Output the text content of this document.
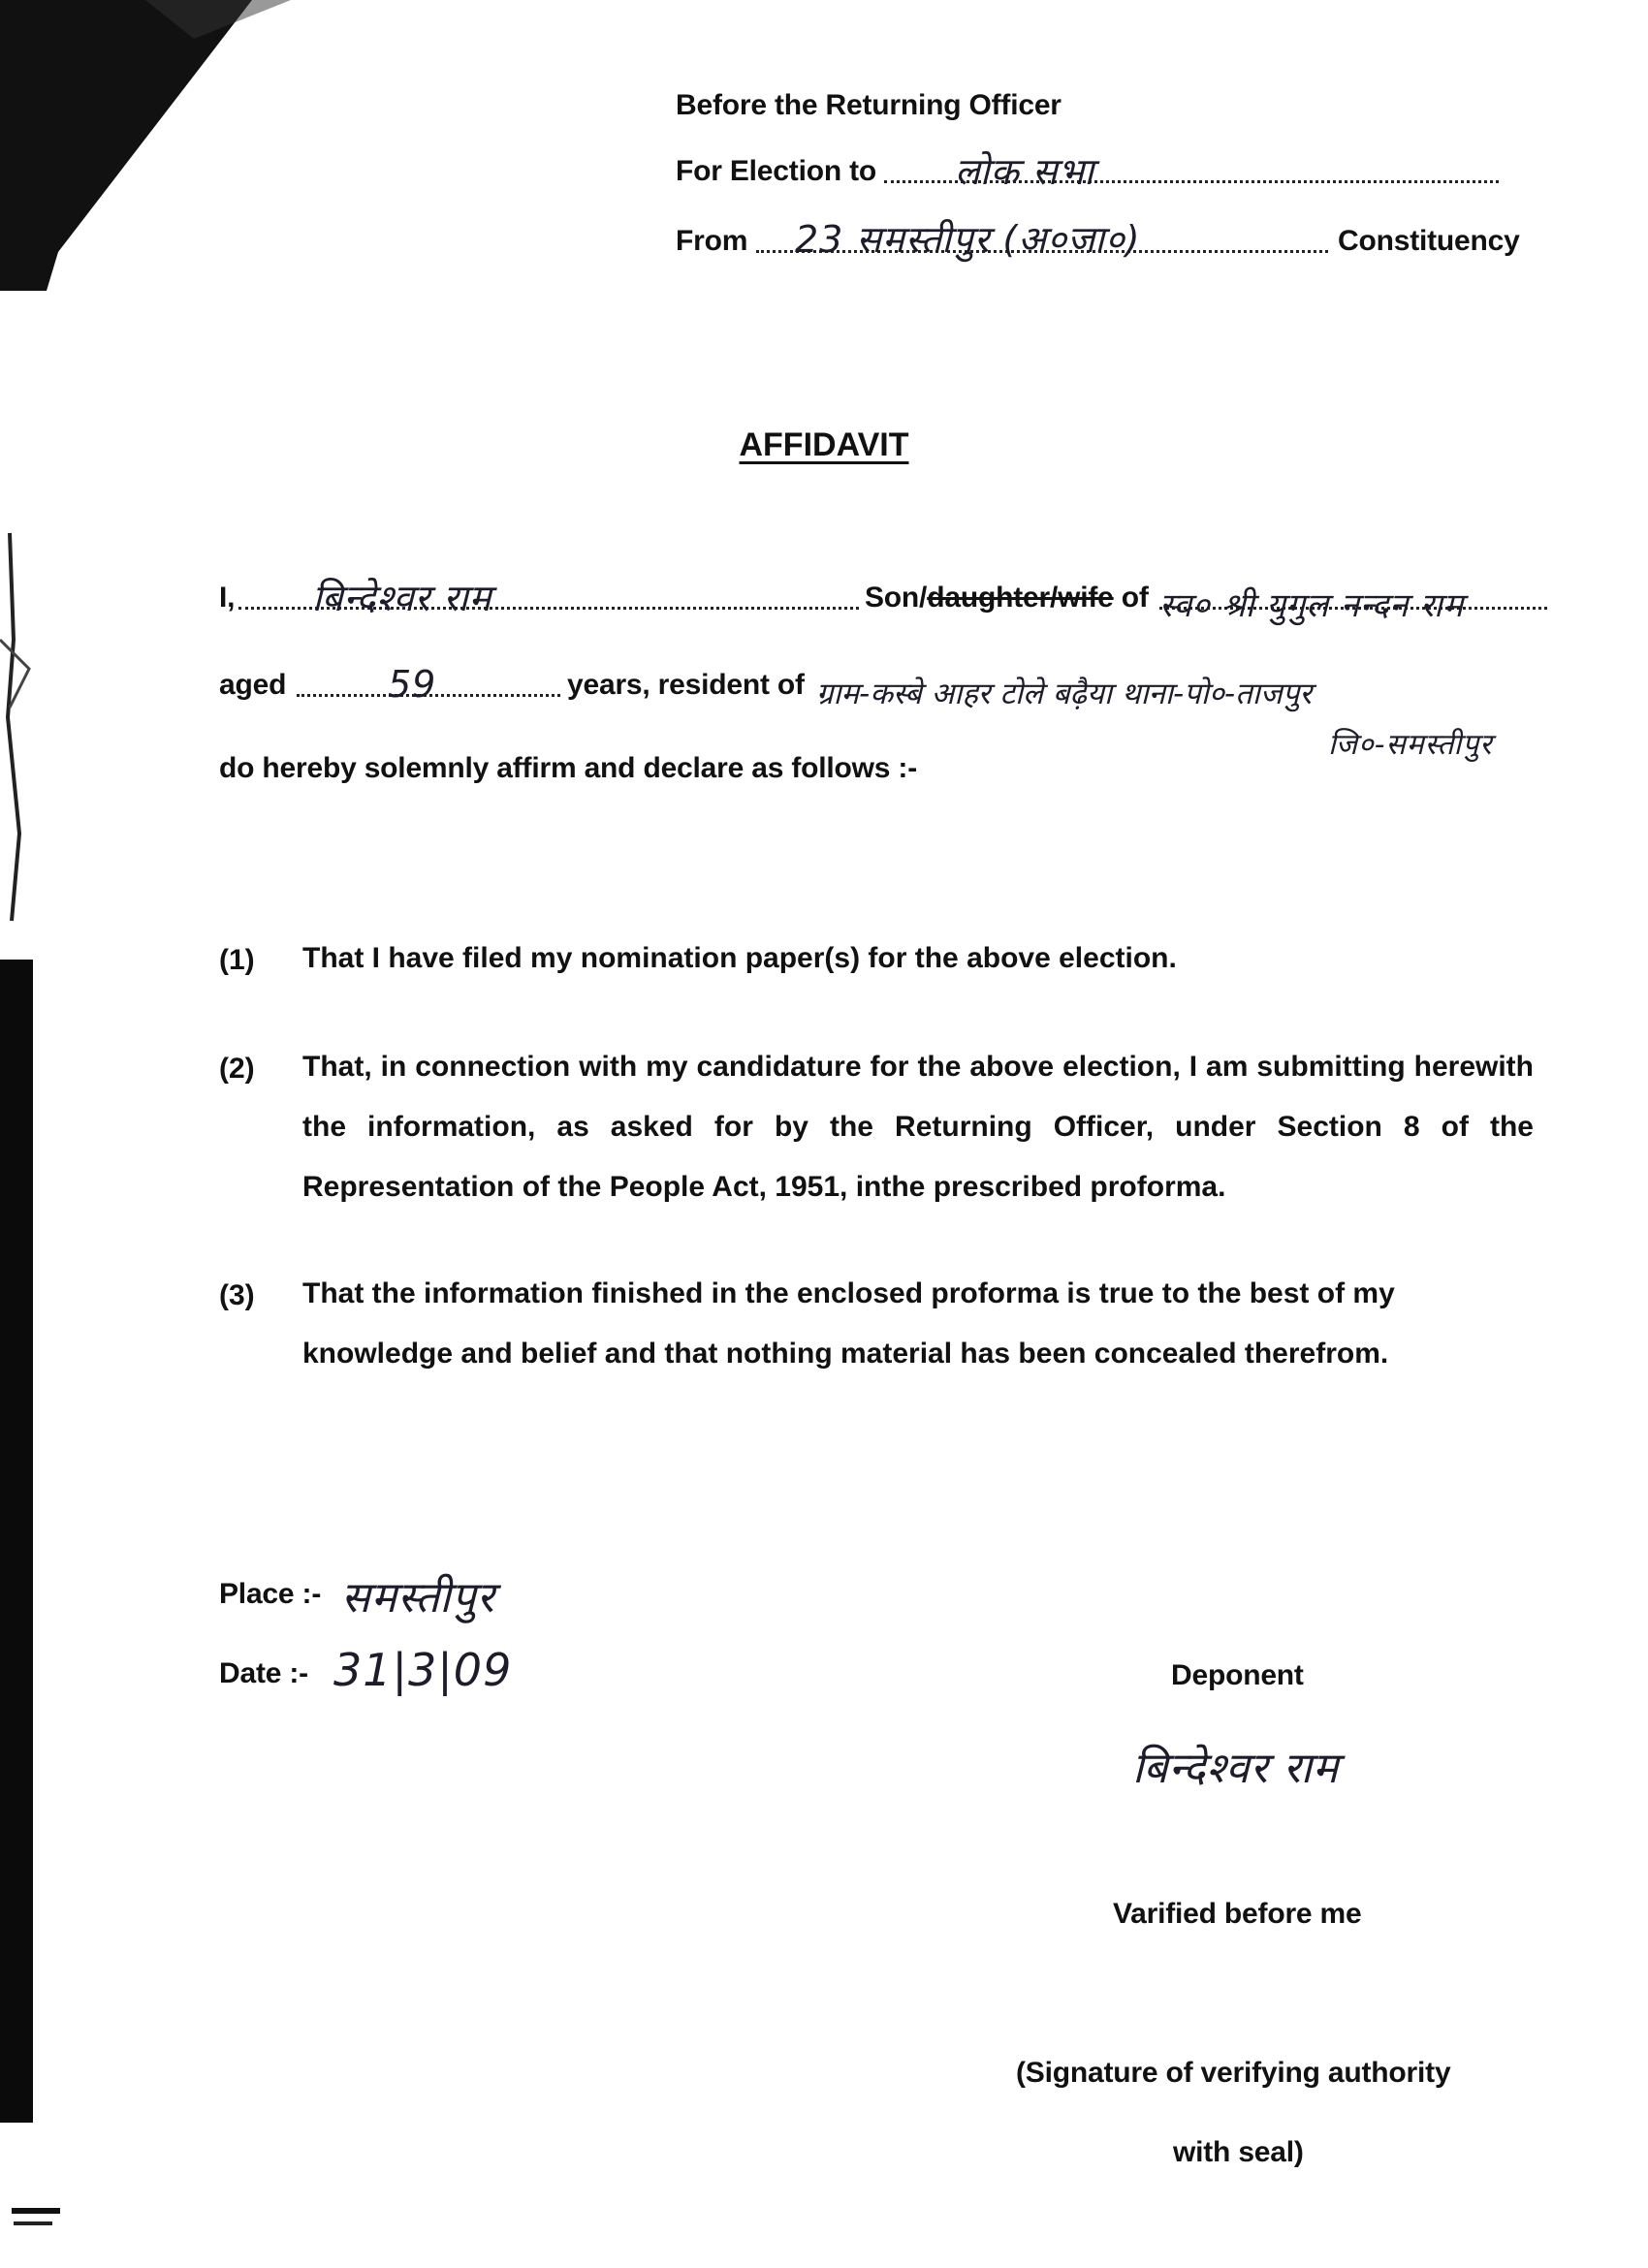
Before the Returning Officer
For Election to लोक सभा
From 23 समस्तीपुर (अ०जा०)	Constituency
AFFIDAVIT
I, बिन्देश्वर राम	Son/daughter/wife of स्व० श्री युगुल नन्दन राम
aged	59	years, resident of ग्राम-कस्बे आहर टोले बढ़ैया थाना-पो०-ताजपुर
जि०-समस्तीपुर
do hereby solemnly affirm and declare as follows :-
(1) That I have filed my nomination paper(s) for the above election.
(2) That, in connection with my candidature for the above election, I am submitting herewith the information, as asked for by the Returning Officer, under Section 8 of the Representation of the People Act, 1951, inthe prescribed proforma.
(3) That the information finished in the enclosed proforma is true to the best of my knowledge and belief and that nothing material has been concealed therefrom.
Place :- समस्तीपुर
Date :- 31|3|09	Deponent
बिन्देश्वर राम
Varified before me
(Signature of verifying authority
with seal)
